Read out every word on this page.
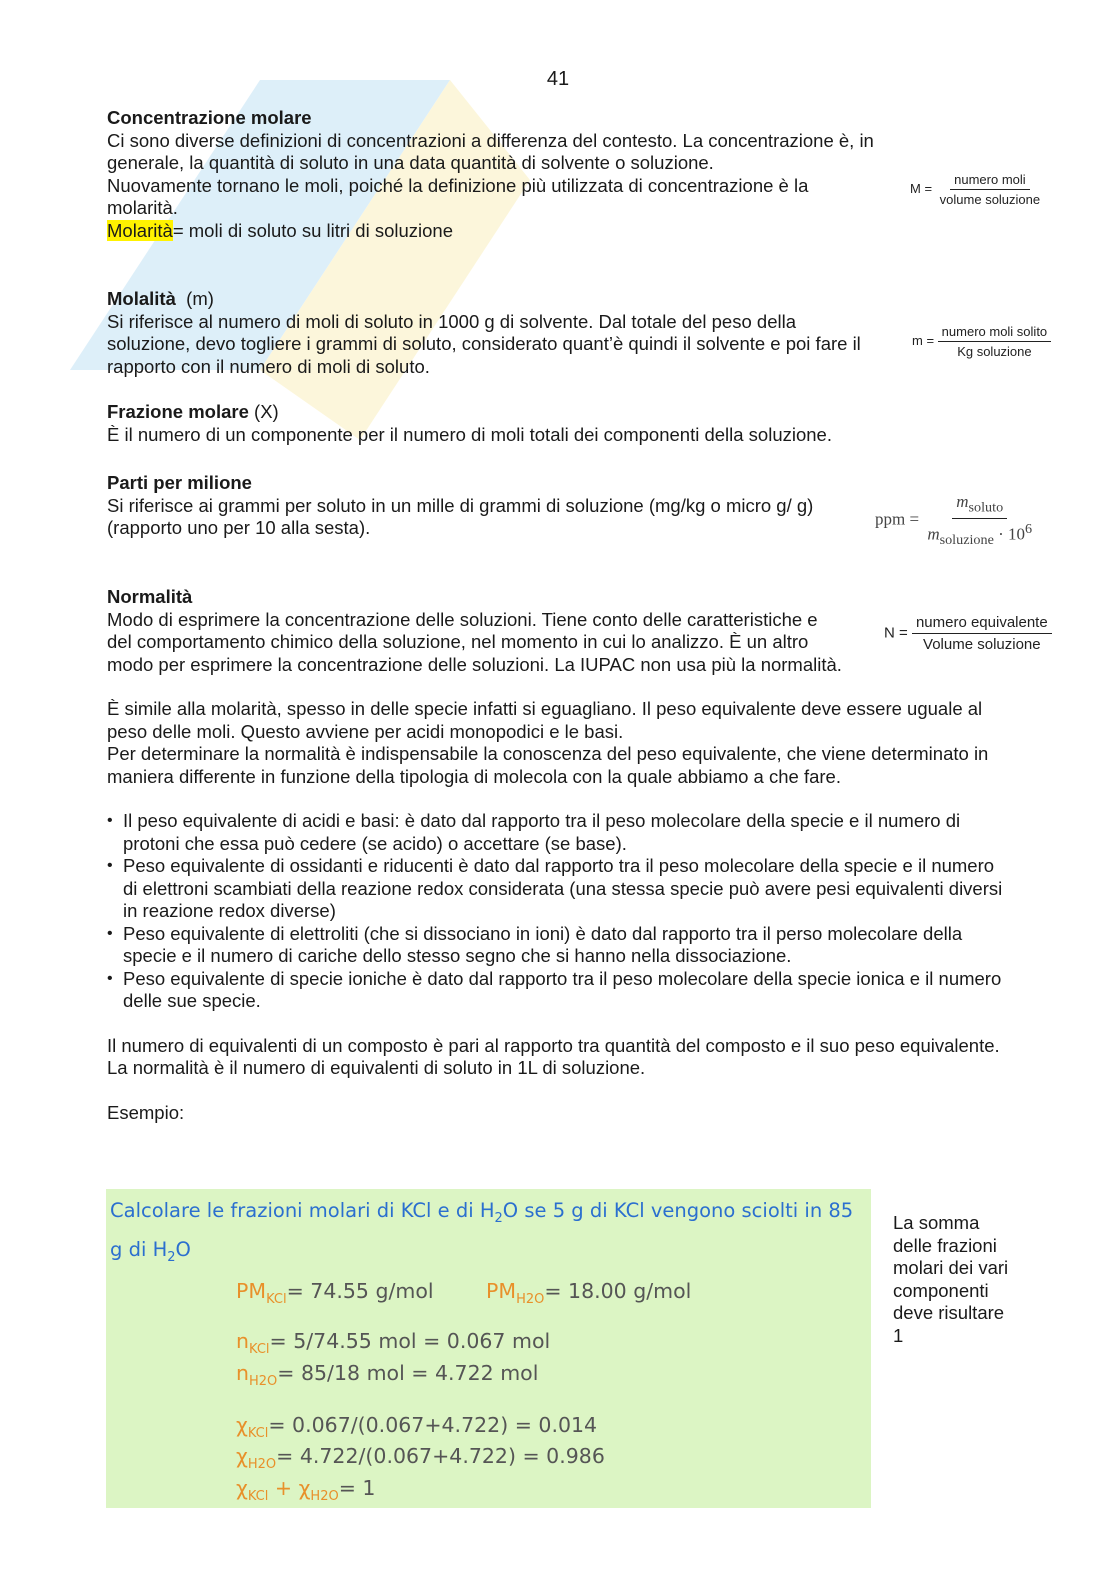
41
Concentrazione molare
Ci sono diverse definizioni di concentrazioni a differenza del contesto. La concentrazione è, in generale, la quantità di soluto in una data quantità di solvente o soluzione.
Nuovamente tornano le moli, poiché la definizione più utilizzata di concentrazione è la molarità.
Molarità= moli di soluto su litri di soluzione
$M = \frac{\text{numero moli}}{\text{volume soluzione}}$
Molalità (m)
Si riferisce al numero di moli di soluto in 1000 g di solvente. Dal totale del peso della soluzione, devo togliere i grammi di soluto, considerato quant’è quindi il solvente e poi fare il rapporto con il numero di moli di soluto.
$m = \frac{\text{numero moli solito}}{\text{Kg soluzione}}$
Frazione molare (X)
È il numero di un componente per il numero di moli totali dei componenti della soluzione.
Parti per milione
Si riferisce ai grammi per soluto in un mille di grammi di soluzione (mg/kg o micro g/ g) (rapporto uno per 10 alla sesta).	ppm = $\frac{m_{soluto}}{m_{soluzione} \cdot 10^6}$
Normalità
Modo di esprimere la concentrazione delle soluzioni. Tiene conto delle caratteristiche e del comportamento chimico della soluzione, nel momento in cui lo analizzo. È un altro modo per esprimere la concentrazione delle soluzioni. La IUPAC non usa più la normalità.
$N = \frac{\text{numero equivalente}}{\text{Volume soluzione}}$
È simile alla molarità, spesso in delle specie infatti si eguagliano. Il peso equivalente deve essere uguale al peso delle moli. Questo avviene per acidi monopodici e le basi.
Per determinare la normalità è indispensabile la conoscenza del peso equivalente, che viene determinato in maniera differente in funzione della tipologia di molecola con la quale abbiamo a che fare.
• Il peso equivalente di acidi e basi: è dato dal rapporto tra il peso molecolare della specie e il numero di protoni che essa può cedere (se acido) o accettare (se base).
• Peso equivalente di ossidanti e riducenti è dato dal rapporto tra il peso molecolare della specie e il numero di elettroni scambiati della reazione redox considerata (una stessa specie può avere pesi equivalenti diversi in reazione redox diverse)
• Peso equivalente di elettroliti (che si dissociano in ioni) è dato dal rapporto tra il perso molecolare della specie e il numero di cariche dello stesso segno che si hanno nella dissociazione.
• Peso equivalente di specie ioniche è dato dal rapporto tra il peso molecolare della specie ionica e il numero delle sue specie.
Il numero di equivalenti di un composto è pari al rapporto tra quantità del composto e il suo peso equivalente. La normalità è il numero di equivalenti di soluto in 1L di soluzione.
Esempio:
Calcolare le frazioni molari di KCl e di $H_2O$ se 5 g di KCl vengono sciolti in 85 g di $H_2O$
$PM_{KCl}= 74.55$ g/mol	$PM_{H2O}= 18.00$ g/mol
$n_{KCl}= 5/74.55$ mol = 0.067 mol
$n_{H2O}= 85/18$ mol = 4.722 mol
$\chi_{KCl}= 0.067/(0.067+4.722) = 0.014$
$\chi_{H2O}= 4.722/(0.067+4.722) = 0.986$
$\chi_{KCl} + \chi_{H2O}= 1$
La somma delle frazioni molari dei vari componenti deve risultare 1
